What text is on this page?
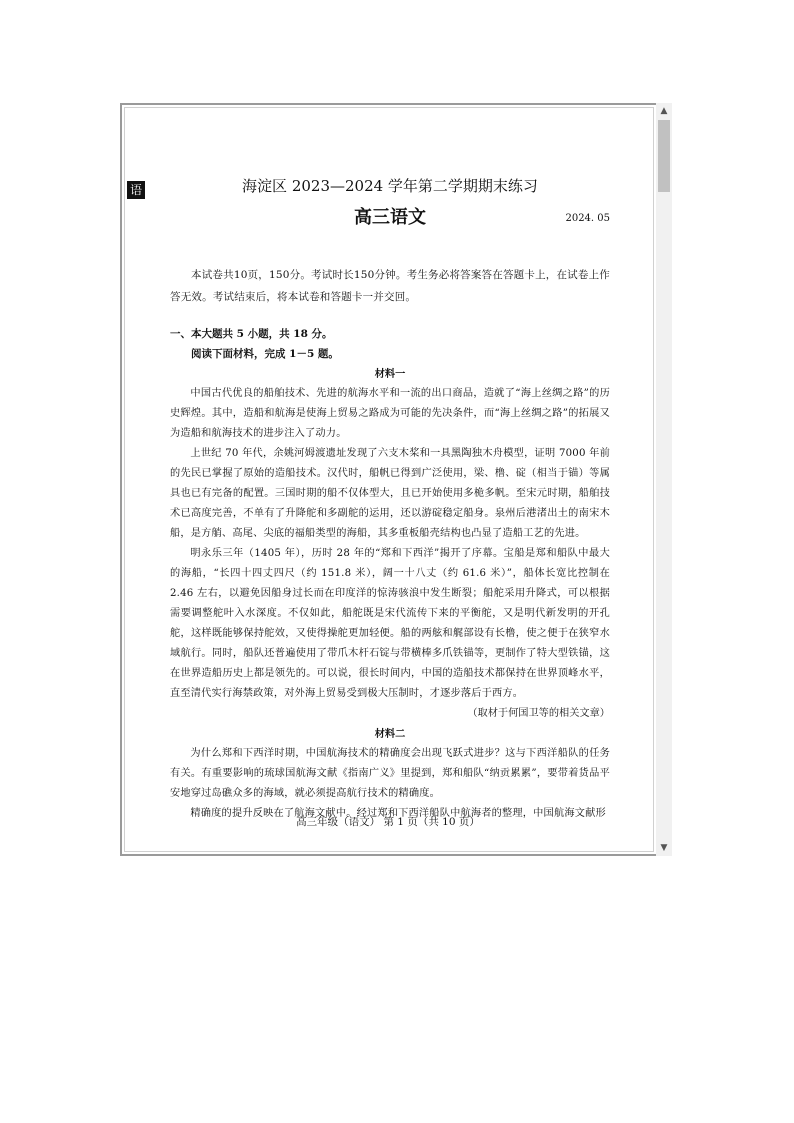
▲
▼
语	海淀区 2023—2024 学年第二学期期末练习
高三语文	2024. 05

本试卷共10页，150分。考试时长150分钟。考生务必将答案答在答题卡上，在试卷上作答无效。考试结束后，将本试卷和答题卡一并交回。

一、本大题共 5 小题，共 18 分。

阅读下面材料，完成 1－5 题。

材料一

中国古代优良的船舶技术、先进的航海水平和一流的出口商品，造就了“海上丝绸之路”的历史辉煌。其中，造船和航海是使海上贸易之路成为可能的先决条件，而“海上丝绸之路”的拓展又为造船和航海技术的进步注入了动力。

上世纪 70 年代，余姚河姆渡遗址发现了六支木桨和一具黑陶独木舟模型，证明 7000 年前的先民已掌握了原始的造船技术。汉代时，船帆已得到广泛使用，梁、橹、碇（相当于锚）等属具也已有完备的配置。三国时期的船不仅体型大，且已开始使用多桅多帆。至宋元时期，船舶技术已高度完善，不单有了升降舵和多副舵的运用，还以游碇稳定船身。泉州后港渚出土的南宋木船，是方艄、高尾、尖底的福船类型的海船，其多重板船壳结构也凸显了造船工艺的先进。

明永乐三年（1405 年），历时 28 年的“郑和下西洋”揭开了序幕。宝船是郑和船队中最大的海船，“长四十四丈四尺（约 151.8 米），阔一十八丈（约 61.6 米）”，船体长宽比控制在 2.46 左右，以避免因船身过长而在印度洋的惊涛骇浪中发生断裂；船舵采用升降式，可以根据需要调整舵叶入水深度。不仅如此，船舵既是宋代流传下来的平衡舵，又是明代新发明的开孔舵，这样既能够保持舵效，又使得操舵更加轻便。船的两舷和艉部设有长橹，使之便于在狭窄水域航行。同时，船队还普遍使用了带爪木杆石锭与带横棒多爪铁锚等，更制作了特大型铁锚，这在世界造船历史上都是领先的。可以说，很长时间内，中国的造船技术都保持在世界顶峰水平，直至清代实行海禁政策，对外海上贸易受到极大压制时，才逐步落后于西方。

（取材于何国卫等的相关文章）

材料二

为什么郑和下西洋时期，中国航海技术的精确度会出现飞跃式进步？这与下西洋船队的任务有关。有重要影响的琉球国航海文献《指南广义》里提到，郑和船队“纳贡累累”，要带着货品平安地穿过岛礁众多的海域，就必须提高航行技术的精确度。

精确度的提升反映在了航海文献中。经过郑和下西洋船队中航海者的整理，中国航海文献形

高三年级（语文） 第 1 页（共 10 页）
